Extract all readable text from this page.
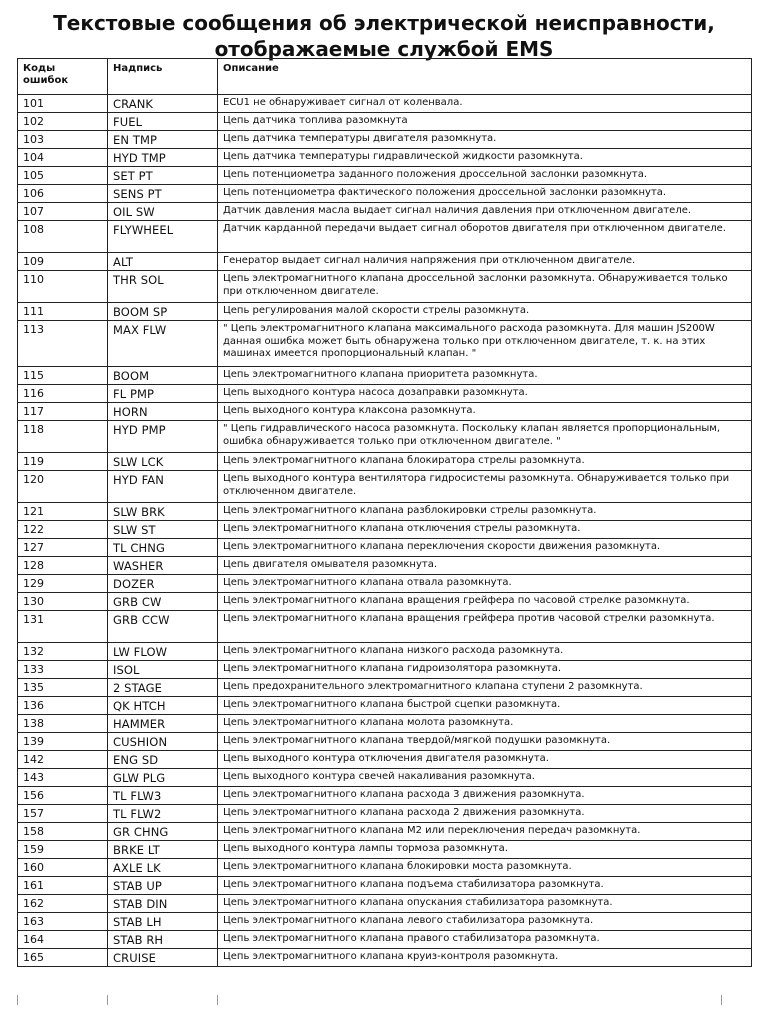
Текстовые сообщения об электрической неисправности,
отображаемые службой EMS
Коды ошибок	Надпись	Описание
101	CRANK	ECU1 не обнаруживает сигнал от коленвала.
102	FUEL	Цепь датчика топлива разомкнута
103	EN TMP	Цепь датчика температуры двигателя разомкнута.
104	HYD TMP	Цепь датчика температуры гидравлической жидкости разомкнута.
105	SET PT	Цепь потенциометра заданного положения дроссельной заслонки разомкнута.
106	SENS PT	Цепь потенциометра фактического положения дроссельной заслонки разомкнута.
107	OIL SW	Датчик давления масла выдает сигнал наличия давления при отключенном двигателе.
108	FLYWHEEL	Датчик карданной передачи выдает сигнал оборотов двигателя при отключенном двигателе.
109	ALT	Генератор выдает сигнал наличия напряжения при отключенном двигателе.
110	THR SOL	Цепь электромагнитного клапана дроссельной заслонки разомкнута. Обнаруживается только при отключенном двигателе.
111	BOOM SP	Цепь регулирования малой скорости стрелы разомкнута.
113	MAX FLW	" Цепь электромагнитного клапана максимального расхода разомкнута. Для машин JS200W данная ошибка может быть обнаружена только при отключенном двигателе, т. к. на этих машинах имеется пропорциональный клапан. "
115	BOOM	Цепь электромагнитного клапана приоритета разомкнута.
116	FL PMP	Цепь выходного контура насоса дозаправки разомкнута.
117	HORN	Цепь выходного контура клаксона разомкнута.
118	HYD PMP	" Цепь гидравлического насоса разомкнута. Поскольку клапан является пропорциональным, ошибка обнаруживается только при отключенном двигателе. "
119	SLW LCK	Цепь электромагнитного клапана блокиратора стрелы разомкнута.
120	HYD FAN	Цепь выходного контура вентилятора гидросистемы разомкнута. Обнаруживается только при отключенном двигателе.
121	SLW BRK	Цепь электромагнитного клапана разблокировки стрелы разомкнута.
122	SLW ST	Цепь электромагнитного клапана отключения стрелы разомкнута.
127	TL CHNG	Цепь электромагнитного клапана переключения скорости движения разомкнута.
128	WASHER	Цепь двигателя омывателя разомкнута.
129	DOZER	Цепь электромагнитного клапана отвала разомкнута.
130	GRB CW	Цепь электромагнитного клапана вращения грейфера по часовой стрелке разомкнута.
131	GRB CCW	Цепь электромагнитного клапана вращения грейфера против часовой стрелки разомкнута.
132	LW FLOW	Цепь электромагнитного клапана низкого расхода разомкнута.
133	ISOL	Цепь электромагнитного клапана гидроизолятора разомкнута.
135	2 STAGE	Цепь предохранительного электромагнитного клапана ступени 2 разомкнута.
136	QK HTCH	Цепь электромагнитного клапана быстрой сцепки разомкнута.
138	HAMMER	Цепь электромагнитного клапана молота разомкнута.
139	CUSHION	Цепь электромагнитного клапана твердой/мягкой подушки разомкнута.
142	ENG SD	Цепь выходного контура отключения двигателя разомкнута.
143	GLW PLG	Цепь выходного контура свечей накаливания разомкнута.
156	TL FLW3	Цепь электромагнитного клапана расхода 3 движения разомкнута.
157	TL FLW2	Цепь электромагнитного клапана расхода 2 движения разомкнута.
158	GR CHNG	Цепь электромагнитного клапана M2 или переключения передач разомкнута.
159	BRKE LT	Цепь выходного контура лампы тормоза разомкнута.
160	AXLE LK	Цепь электромагнитного клапана блокировки моста разомкнута.
161	STAB UP	Цепь электромагнитного клапана подъема стабилизатора разомкнута.
162	STAB DIN	Цепь электромагнитного клапана опускания стабилизатора разомкнута.
163	STAB LH	Цепь электромагнитного клапана левого стабилизатора разомкнута.
164	STAB RH	Цепь электромагнитного клапана правого стабилизатора разомкнута.
165	CRUISE	Цепь электромагнитного клапана круиз-контроля разомкнута.
